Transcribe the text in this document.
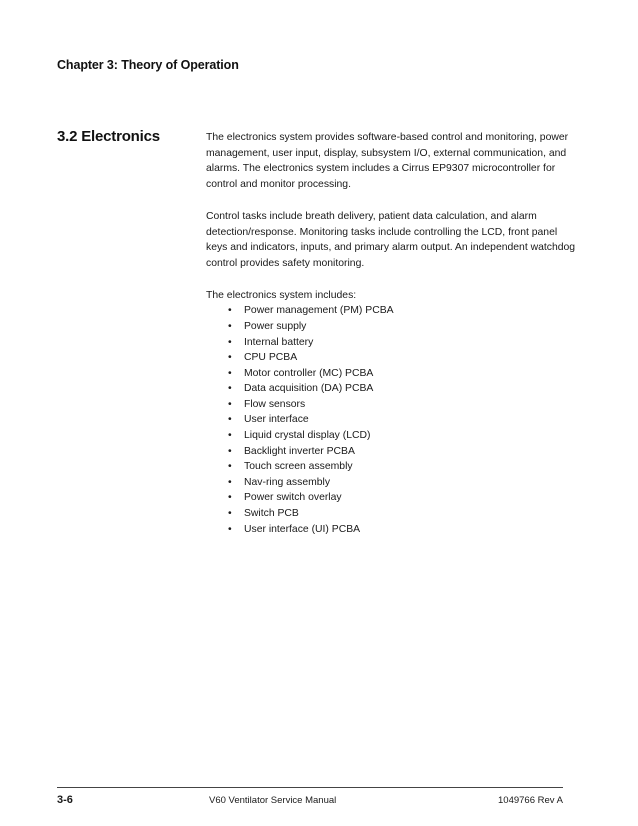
Chapter 3: Theory of Operation
3.2 Electronics	The electronics system provides software-based control and monitoring, power management, user input, display, subsystem I/O, external communication, and alarms. The electronics system includes a Cirrus EP9307 microcontroller for control and monitor processing.

Control tasks include breath delivery, patient data calculation, and alarm detection/response. Monitoring tasks include controlling the LCD, front panel keys and indicators, inputs, and primary alarm output. An independent watchdog control provides safety monitoring.

The electronics system includes:

• Power management (PM) PCBA
• Power supply
• Internal battery
• CPU PCBA
• Motor controller (MC) PCBA
• Data acquisition (DA) PCBA
• Flow sensors
• User interface
• Liquid crystal display (LCD)
• Backlight inverter PCBA
• Touch screen assembly
• Nav-ring assembly
• Power switch overlay
• Switch PCB
• User interface (UI) PCBA
3-6	V60 Ventilator Service Manual	1049766 Rev A
